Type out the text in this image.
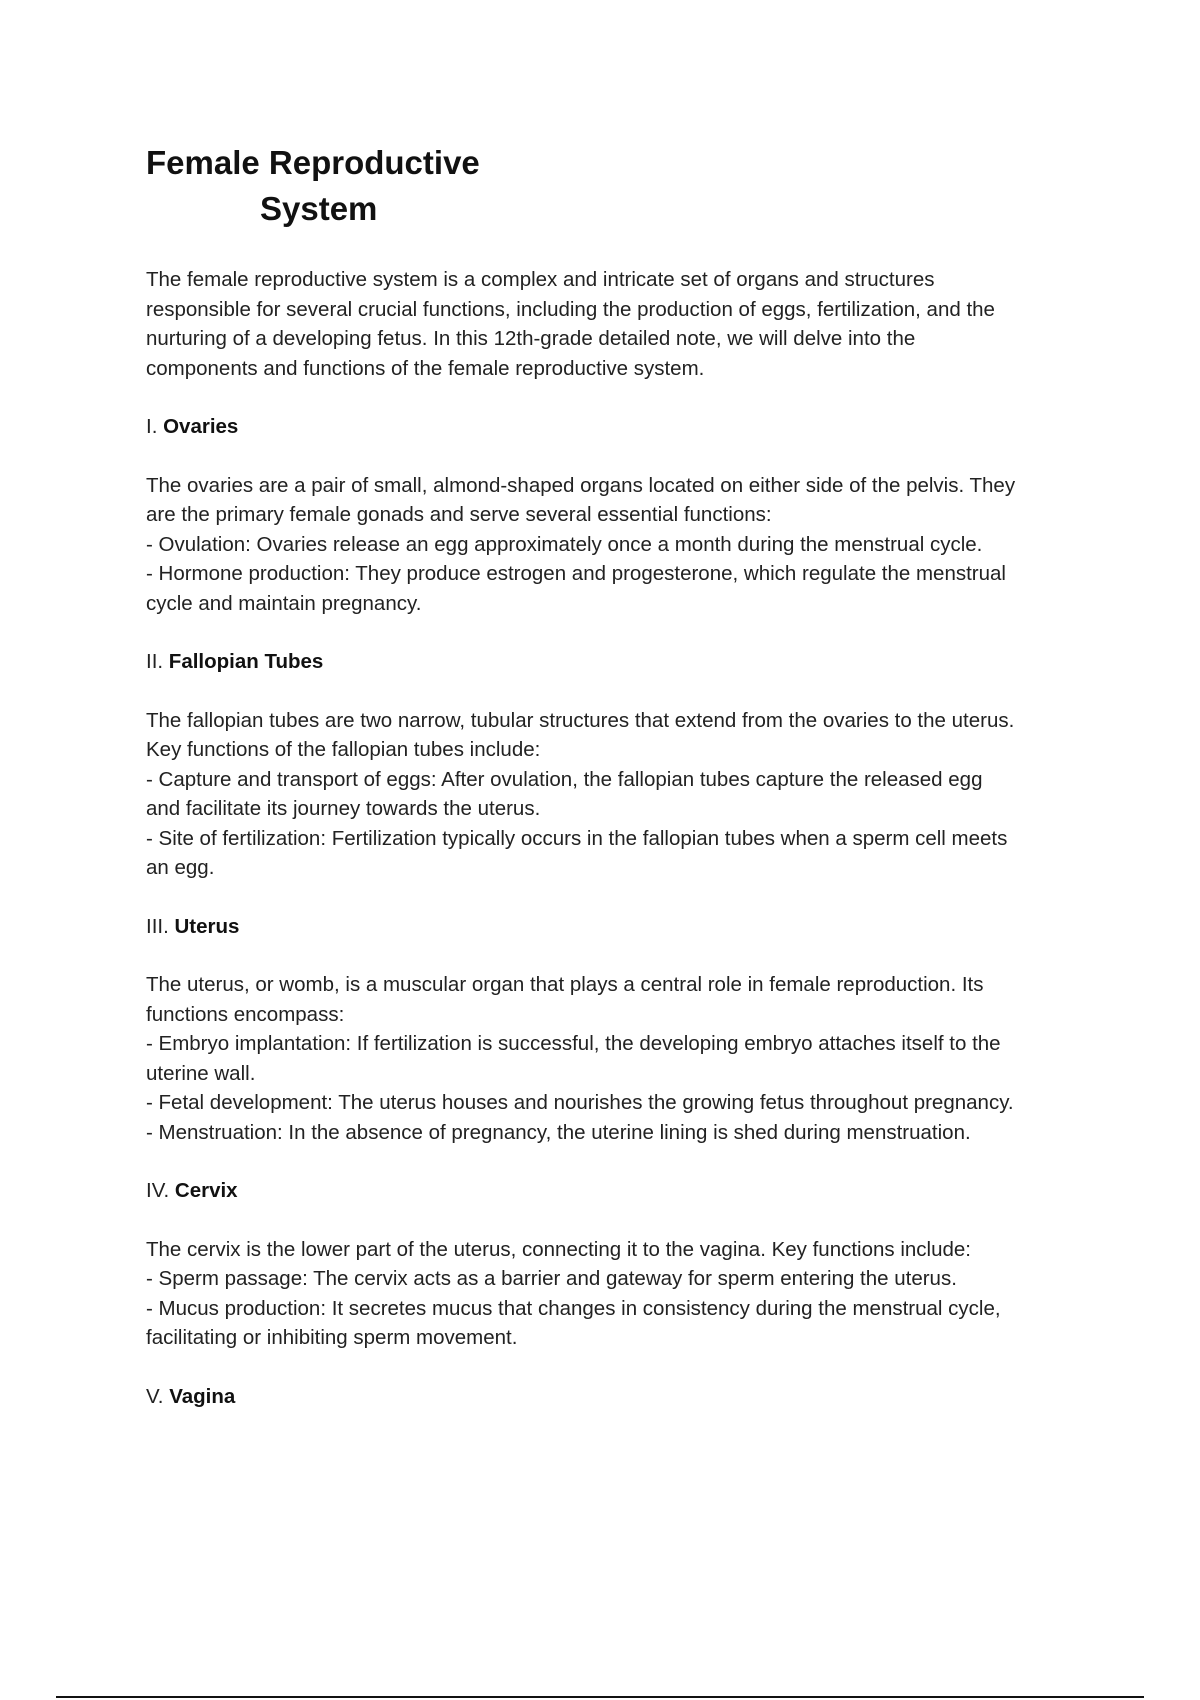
Female Reproductive
System

The female reproductive system is a complex and intricate set of organs and structures
responsible for several crucial functions, including the production of eggs, fertilization, and the
nurturing of a developing fetus. In this 12th-grade detailed note, we will delve into the
components and functions of the female reproductive system.

I. Ovaries

The ovaries are a pair of small, almond-shaped organs located on either side of the pelvis. They
are the primary female gonads and serve several essential functions:
- Ovulation: Ovaries release an egg approximately once a month during the menstrual cycle.
- Hormone production: They produce estrogen and progesterone, which regulate the menstrual
cycle and maintain pregnancy.

II. Fallopian Tubes

The fallopian tubes are two narrow, tubular structures that extend from the ovaries to the uterus.
Key functions of the fallopian tubes include:
- Capture and transport of eggs: After ovulation, the fallopian tubes capture the released egg
and facilitate its journey towards the uterus.
- Site of fertilization: Fertilization typically occurs in the fallopian tubes when a sperm cell meets
an egg.

III. Uterus

The uterus, or womb, is a muscular organ that plays a central role in female reproduction. Its
functions encompass:
- Embryo implantation: If fertilization is successful, the developing embryo attaches itself to the
uterine wall.
- Fetal development: The uterus houses and nourishes the growing fetus throughout pregnancy.
- Menstruation: In the absence of pregnancy, the uterine lining is shed during menstruation.

IV. Cervix

The cervix is the lower part of the uterus, connecting it to the vagina. Key functions include:
- Sperm passage: The cervix acts as a barrier and gateway for sperm entering the uterus.
- Mucus production: It secretes mucus that changes in consistency during the menstrual cycle,
facilitating or inhibiting sperm movement.

V. Vagina
